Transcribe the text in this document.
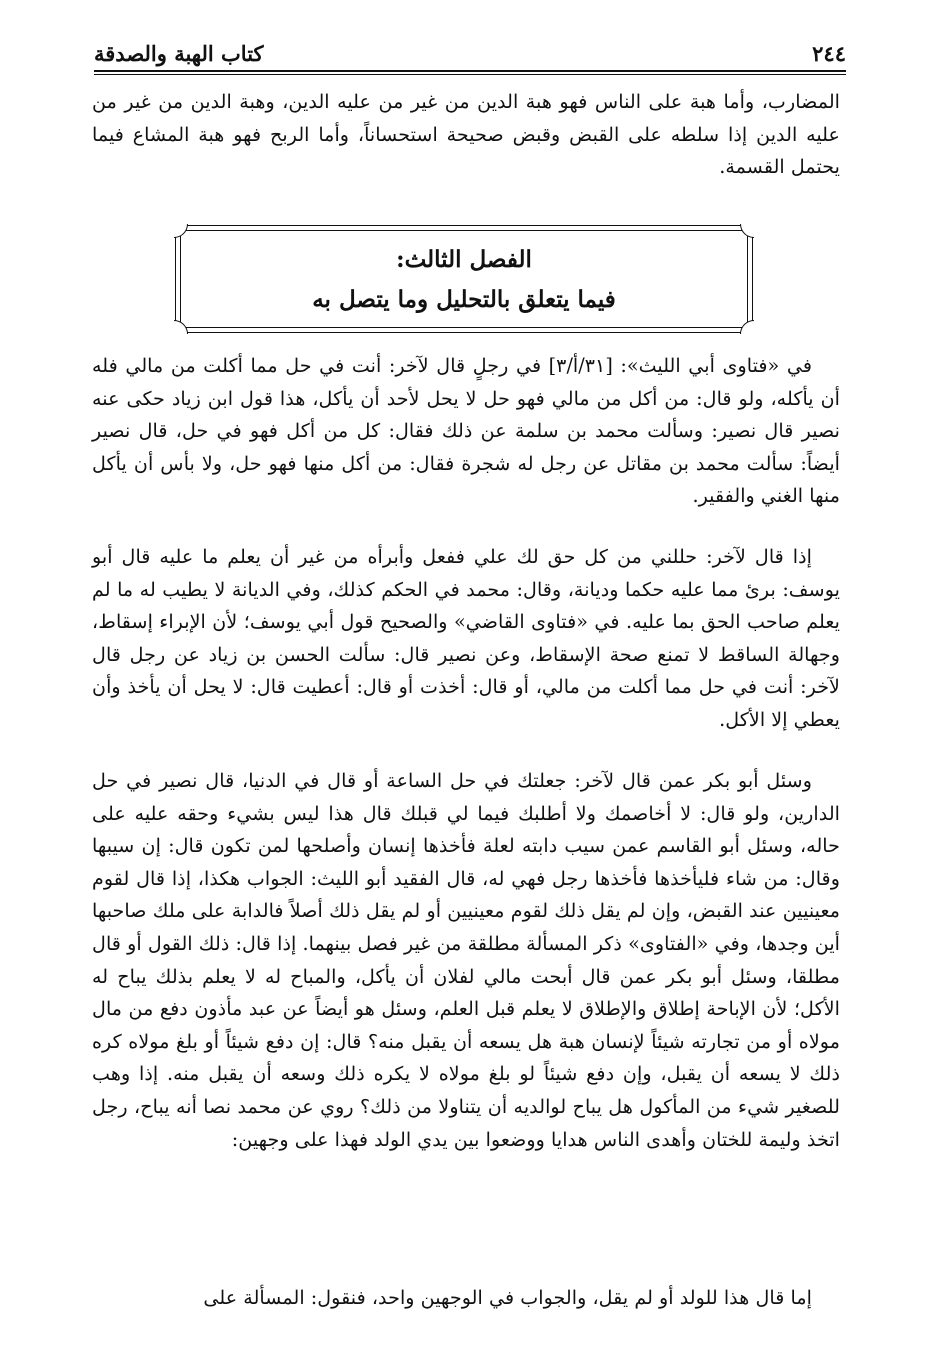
٢٤٤
كتاب الهبة والصدقة

المضارب، وأما هبة على الناس فهو هبة الدين من غير من عليه الدين، وهبة الدين من غير من عليه الدين إذا سلطه على القبض وقبض صحيحة استحساناً، وأما الربح فهو هبة المشاع فيما يحتمل القسمة.

الفصل الثالث:
فيما يتعلق بالتحليل وما يتصل به

في «فتاوى أبي الليث»: [٣١/أ/٣] في رجلٍ قال لآخر: أنت في حل مما أكلت من مالي فله أن يأكله، ولو قال: من أكل من مالي فهو حل لا يحل لأحد أن يأكل، هذا قول ابن زياد حكى عنه نصير قال نصير: وسألت محمد بن سلمة عن ذلك فقال: كل من أكل فهو في حل، قال نصير أيضاً: سألت محمد بن مقاتل عن رجل له شجرة فقال: من أكل منها فهو حل، ولا بأس أن يأكل منها الغني والفقير.

إذا قال لآخر: حللني من كل حق لك علي ففعل وأبرأه من غير أن يعلم ما عليه قال أبو يوسف: برئ مما عليه حكما وديانة، وقال: محمد في الحكم كذلك، وفي الديانة لا يطيب له ما لم يعلم صاحب الحق بما عليه. في «فتاوى القاضي» والصحيح قول أبي يوسف؛ لأن الإبراء إسقاط، وجهالة الساقط لا تمنع صحة الإسقاط، وعن نصير قال: سألت الحسن بن زياد عن رجل قال لآخر: أنت في حل مما أكلت من مالي، أو قال: أخذت أو قال: أعطيت قال: لا يحل أن يأخذ وأن يعطي إلا الأكل.

وسئل أبو بكر عمن قال لآخر: جعلتك في حل الساعة أو قال في الدنيا، قال نصير في حل الدارين، ولو قال: لا أخاصمك ولا أطلبك فيما لي قبلك قال هذا ليس بشيء وحقه عليه على حاله، وسئل أبو القاسم عمن سيب دابته لعلة فأخذها إنسان وأصلحها لمن تكون قال: إن سيبها وقال: من شاء فليأخذها فأخذها رجل فهي له، قال الفقيد أبو الليث: الجواب هكذا، إذا قال لقوم معينيين عند القبض، وإن لم يقل ذلك لقوم معينيين أو لم يقل ذلك أصلاً فالدابة على ملك صاحبها أين وجدها، وفي «الفتاوى» ذكر المسألة مطلقة من غير فصل بينهما. إذا قال: ذلك القول أو قال مطلقا، وسئل أبو بكر عمن قال أبحت مالي لفلان أن يأكل، والمباح له لا يعلم بذلك يباح له الأكل؛ لأن الإباحة إطلاق والإطلاق لا يعلم قبل العلم، وسئل هو أيضاً عن عبد مأذون دفع من مال مولاه أو من تجارته شيئاً لإنسان هبة هل يسعه أن يقبل منه؟ قال: إن دفع شيئاً أو بلغ مولاه كره ذلك لا يسعه أن يقبل، وإن دفع شيئاً لو بلغ مولاه لا يكره ذلك وسعه أن يقبل منه. إذا وهب للصغير شيء من المأكول هل يباح لوالديه أن يتناولا من ذلك؟ روي عن محمد نصا أنه يباح، رجل اتخذ وليمة للختان وأهدى الناس هدايا ووضعوا بين يدي الولد فهذا على وجهين:

إما قال هذا للولد أو لم يقل، والجواب في الوجهين واحد، فنقول: المسألة على
